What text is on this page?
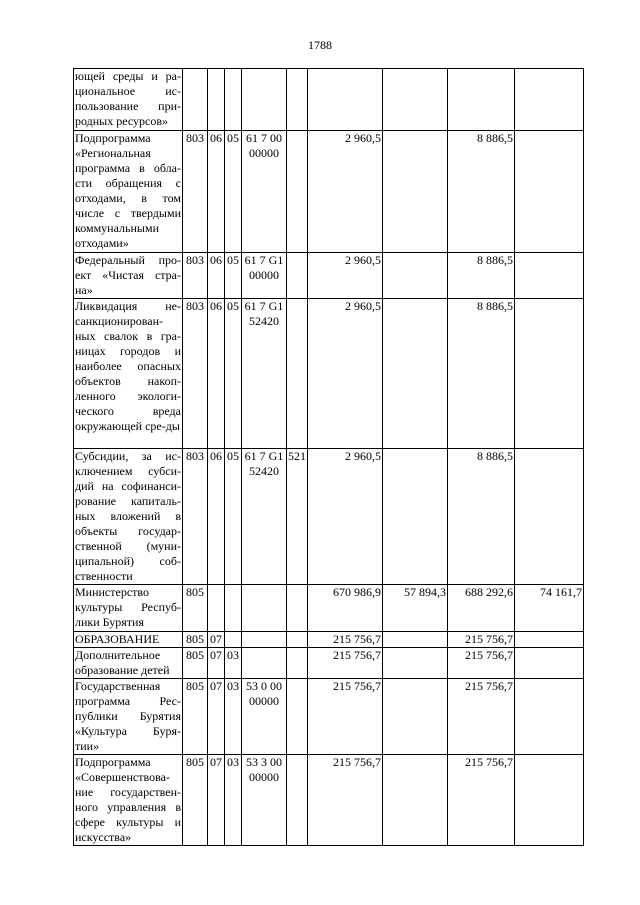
1788
ющей среды и ра-циональное ис-пользование при-родных ресурсов»									
Подпрограмма «Региональная программа в обла-сти обращения с отходами, в том числе с твердыми коммунальными отходами»	803	06	05	61 7 00 00000		2 960,5		8 886,5	
Федеральный про-ект «Чистая стра-на»	803	06	05	61 7 G1 00000		2 960,5		8 886,5	
Ликвидация не-санкционирован-ных свалок в гра-ницах городов и наиболее опасных объектов накоп-ленного экологи-ческого вреда окружающей сре-ды	803	06	05	61 7 G1 52420		2 960,5		8 886,5	
Субсидии, за ис-ключением субси-дий на софинанси-рование капиталь-ных вложений в объекты государ-ственной (муни-ципальной) соб-ственности	803	06	05	61 7 G1 52420	521	2 960,5		8 886,5	
Министерство культуры Респуб-лики Бурятия	805					670 986,9	57 894,3	688 292,6	74 161,7
ОБРАЗОВАНИЕ	805	07				215 756,7		215 756,7	
Дополнительное образование детей	805	07	03			215 756,7		215 756,7	
Государственная программа Рес-публики Бурятия «Культура Буря-тии»	805	07	03	53 0 00 00000		215 756,7		215 756,7	
Подпрограмма «Совершенствова-ние государствен-ного управления в сфере культуры и искусства»	805	07	03	53 3 00 00000		215 756,7		215 756,7	
